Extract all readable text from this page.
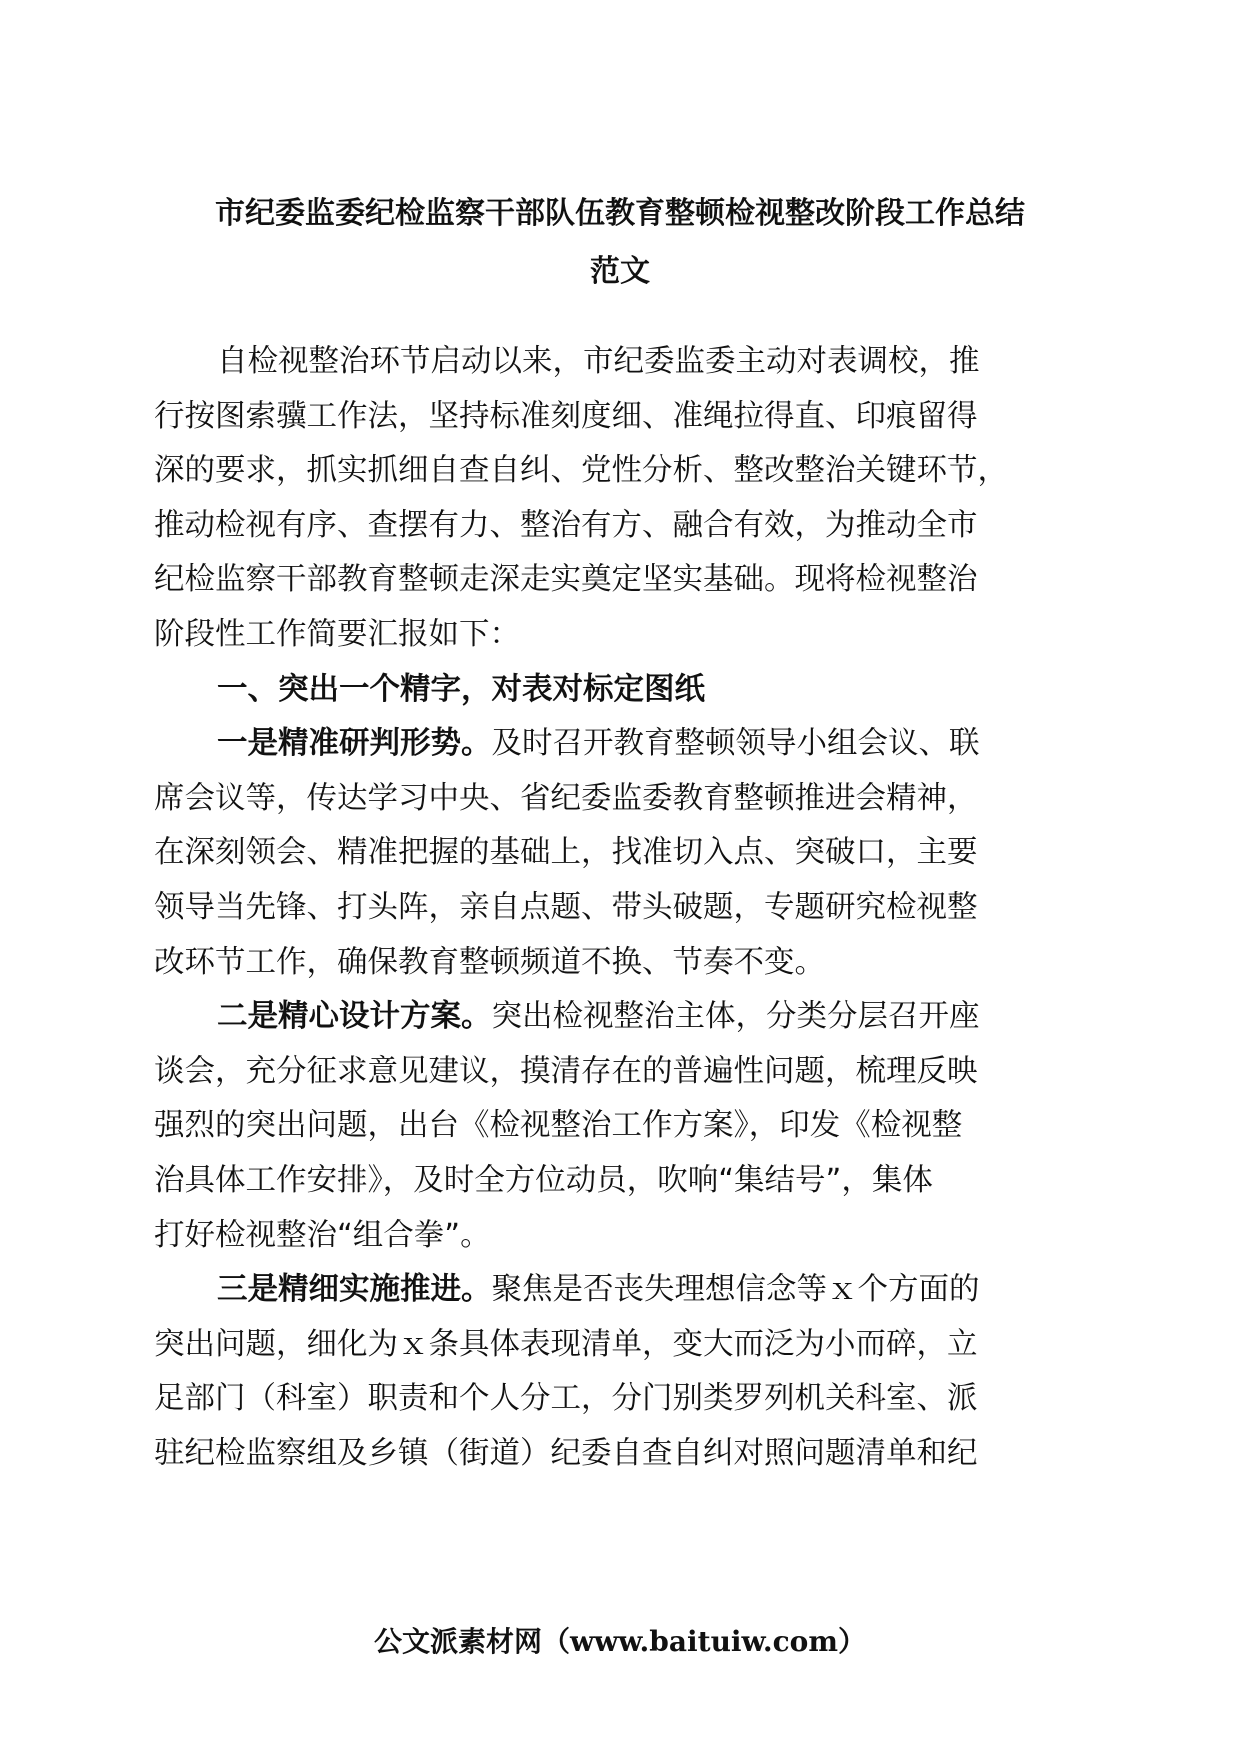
市纪委监委纪检监察干部队伍教育整顿检视整改阶段工作总结
范文
自检视整治环节启动以来，市纪委监委主动对表调校，推
行按图索骥工作法，坚持标准刻度细、准绳拉得直、印痕留得
深的要求，抓实抓细自查自纠、党性分析、整改整治关键环节，
推动检视有序、查摆有力、整治有方、融合有效，为推动全市
纪检监察干部教育整顿走深走实奠定坚实基础。现将检视整治
阶段性工作简要汇报如下：
一、突出一个精字，对表对标定图纸
一是精准研判形势。及时召开教育整顿领导小组会议、联
席会议等，传达学习中央、省纪委监委教育整顿推进会精神，
在深刻领会、精准把握的基础上，找准切入点、突破口，主要
领导当先锋、打头阵，亲自点题、带头破题，专题研究检视整
改环节工作，确保教育整顿频道不换、节奏不变。
二是精心设计方案。突出检视整治主体，分类分层召开座
谈会，充分征求意见建议，摸清存在的普遍性问题，梳理反映
强烈的突出问题，出台《检视整治工作方案》，印发《检视整
治具体工作安排》，及时全方位动员，吹响“集结号”，集体
打好检视整治“组合拳”。
三是精细实施推进。聚焦是否丧失理想信念等ｘ个方面的
突出问题，细化为ｘ条具体表现清单，变大而泛为小而碎，立
足部门（科室）职责和个人分工，分门别类罗列机关科室、派
驻纪检监察组及乡镇（街道）纪委自查自纠对照问题清单和纪
公文派素材网（www.baituiw.com）
